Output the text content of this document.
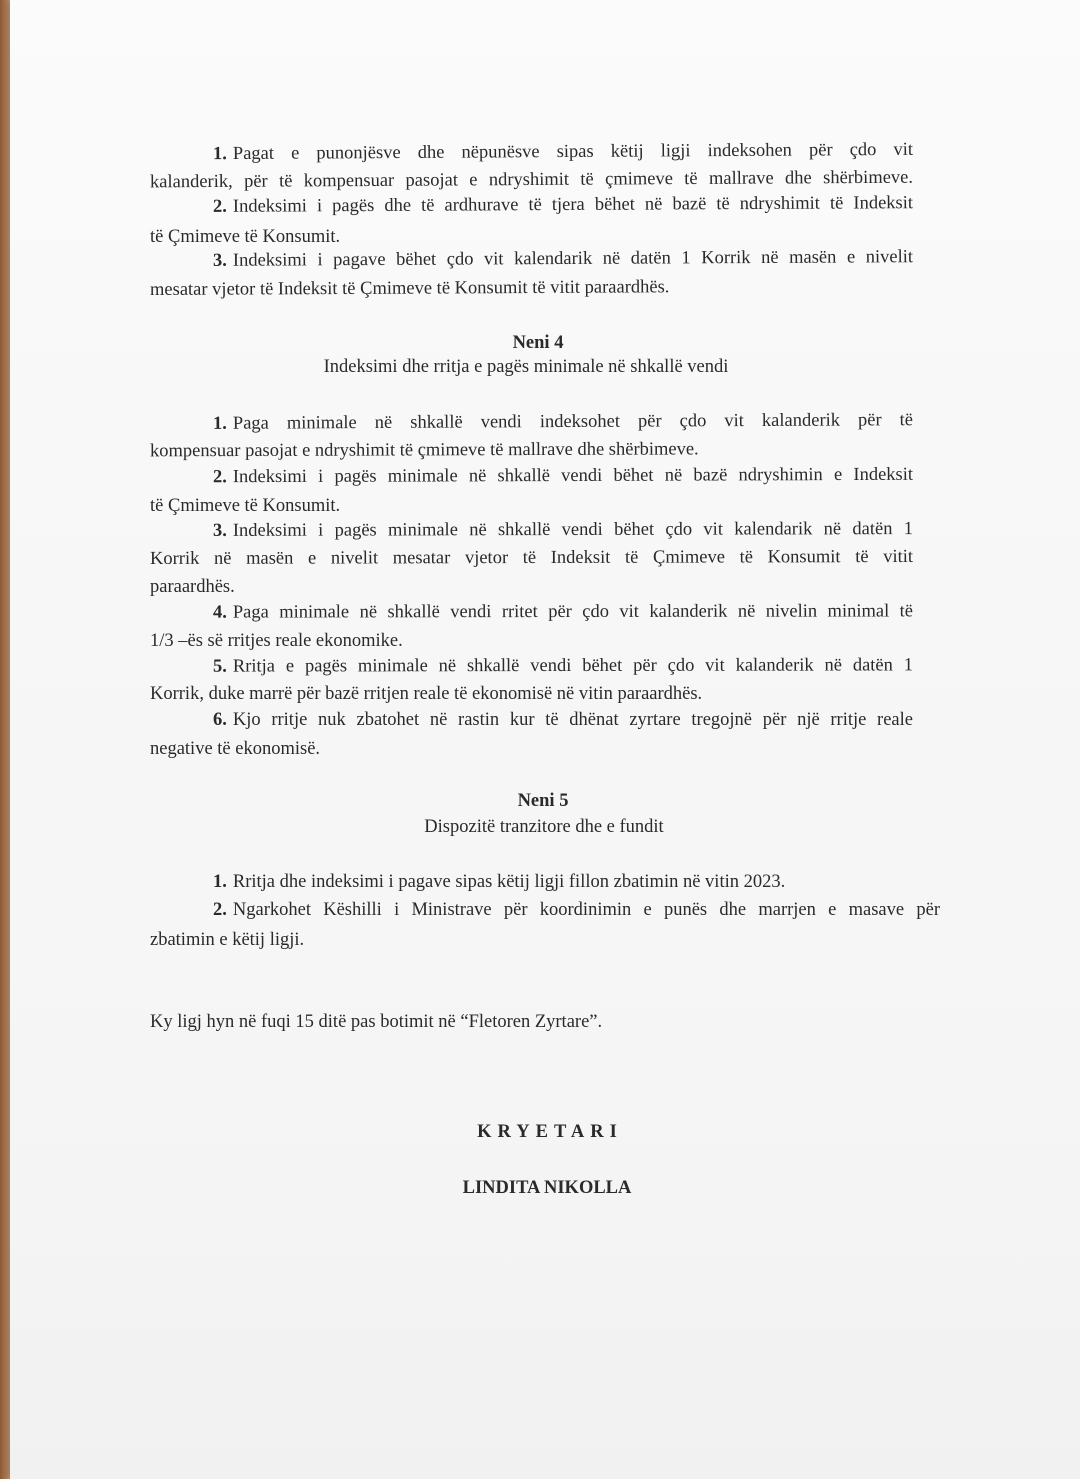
1. Pagat e punonjësve dhe nëpunësve sipas këtij ligji indeksohen për çdo vit
kalanderik, për të kompensuar pasojat e ndryshimit të çmimeve të mallrave dhe shërbimeve.
2. Indeksimi i pagës dhe të ardhurave të tjera bëhet në bazë të ndryshimit të Indeksit
të Çmimeve të Konsumit.
3. Indeksimi i pagave bëhet çdo vit kalendarik në datën 1 Korrik në masën e nivelit
mesatar vjetor të Indeksit të Çmimeve të Konsumit të vitit paraardhës.
Neni 4
Indeksimi dhe rritja e pagës minimale në shkallë vendi
1. Paga minimale në shkallë vendi indeksohet për çdo vit kalanderik për të
kompensuar pasojat e ndryshimit të çmimeve të mallrave dhe shërbimeve.
2. Indeksimi i pagës minimale në shkallë vendi bëhet në bazë ndryshimin e Indeksit
të Çmimeve të Konsumit.
3. Indeksimi i pagës minimale në shkallë vendi bëhet çdo vit kalendarik në datën 1
Korrik në masën e nivelit mesatar vjetor të Indeksit të Çmimeve të Konsumit të vitit
paraardhës.
4. Paga minimale në shkallë vendi rritet për çdo vit kalanderik në nivelin minimal të
1/3 –ës së rritjes reale ekonomike.
5. Rritja e pagës minimale në shkallë vendi bëhet për çdo vit kalanderik në datën 1
Korrik, duke marrë për bazë rritjen reale të ekonomisë në vitin paraardhës.
6. Kjo rritje nuk zbatohet në rastin kur të dhënat zyrtare tregojnë për një rritje reale
negative të ekonomisë.
Neni 5
Dispozitë tranzitore dhe e fundit
1. Rritja dhe indeksimi i pagave sipas këtij ligji fillon zbatimin në vitin 2023.
2. Ngarkohet Këshilli i Ministrave për koordinimin e punës dhe marrjen e masave për
zbatimin e këtij ligji.
Ky ligj hyn në fuqi 15 ditë pas botimit në “Fletoren Zyrtare”.
KRYETARI
LINDITA NIKOLLA
